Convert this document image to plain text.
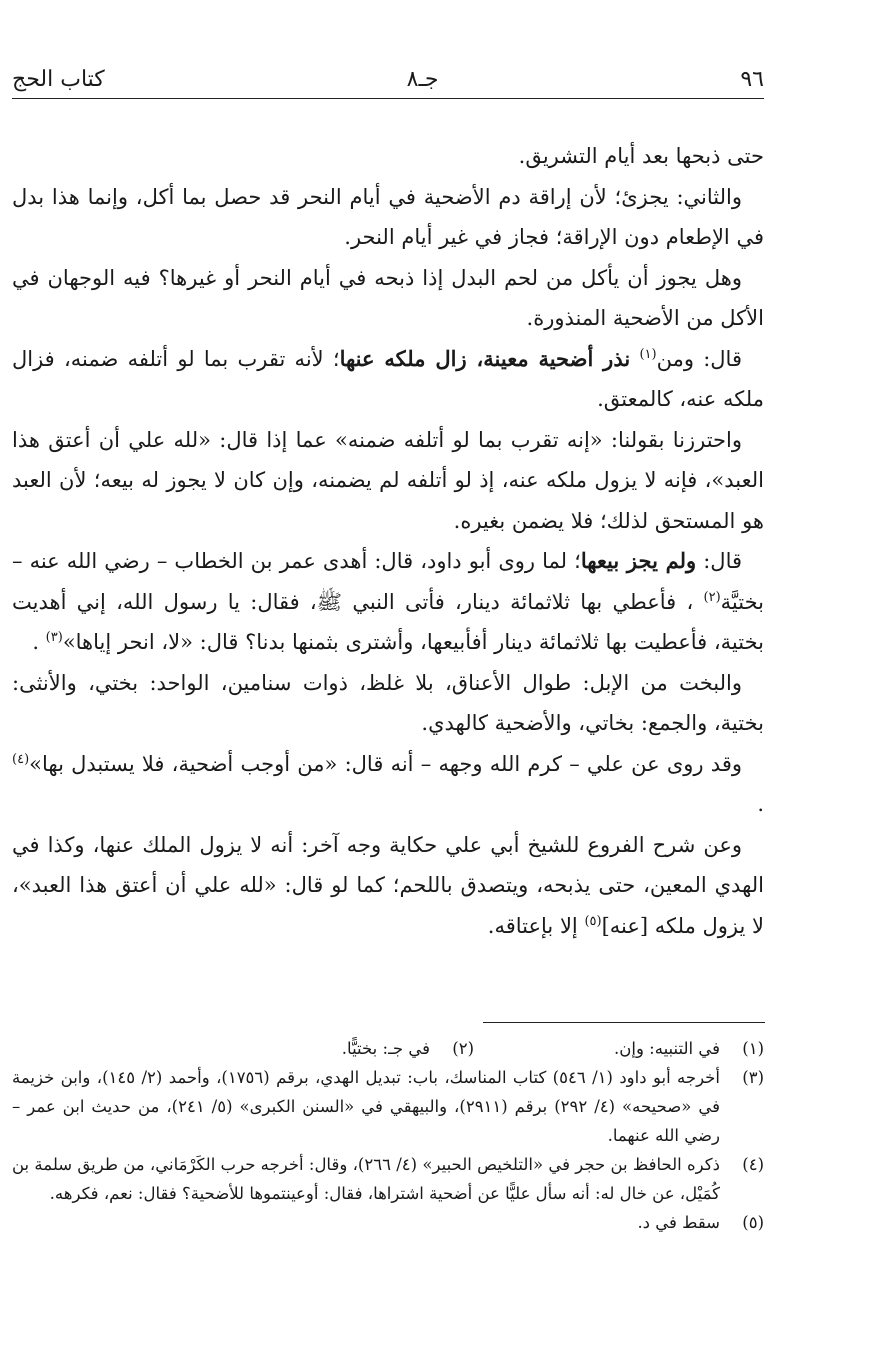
٩٦
جـ٨
كتاب الحج

حتى ذبحها بعد أيام التشريق.

والثاني: يجزئ؛ لأن إراقة دم الأضحية في أيام النحر قد حصل بما أكل، وإنما هذا بدل في الإطعام دون الإراقة؛ فجاز في غير أيام النحر.

وهل يجوز أن يأكل من لحم البدل إذا ذبحه في أيام النحر أو غيرها؟ فيه الوجهان في الأكل من الأضحية المنذورة.

قال: ومن$^{(١)}$ نذر أضحية معينة، زال ملكه عنها؛ لأنه تقرب بما لو أتلفه ضمنه، فزال ملكه عنه، كالمعتق.

واحترزنا بقولنا: «إنه تقرب بما لو أتلفه ضمنه» عما إذا قال: «لله علي أن أعتق هذا العبد»، فإنه لا يزول ملكه عنه، إذ لو أتلفه لم يضمنه، وإن كان لا يجوز له بيعه؛ لأن العبد هو المستحق لذلك؛ فلا يضمن بغيره.

قال: ولم يجز بيعها؛ لما روى أبو داود، قال: أهدى عمر بن الخطاب – رضي الله عنه – بختيَّة$^{(٢)}$ ، فأعطي بها ثلاثمائة دينار، فأتى النبي ﷺ، فقال: يا رسول الله، إني أهديت بختية، فأعطيت بها ثلاثمائة دينار أفأبيعها، وأشترى بثمنها بدنا؟ قال: «لا، انحر إياها»$^{(٣)}$ .

والبخت من الإبل: طوال الأعناق، بلا غلظ، ذوات سنامين، الواحد: بختي، والأنثى: بختية، والجمع: بخاتي، والأضحية كالهدي.

وقد روى عن علي – كرم الله وجهه – أنه قال: «من أوجب أضحية، فلا يستبدل بها»$^{(٤)}$ .

وعن شرح الفروع للشيخ أبي علي حكاية وجه آخر: أنه لا يزول الملك عنها، وكذا في الهدي المعين، حتى يذبحه، ويتصدق باللحم؛ كما لو قال: «لله علي أن أعتق هذا العبد»، لا يزول ملكه [عنه]$^{(٥)}$ إلا بإعتاقه.

(١)
في التنبيه: وإن.
(٢)
في جـ: بختيًّا.
(٣)
أخرجه أبو داود (١/ ٥٤٦) كتاب المناسك، باب: تبديل الهدي، برقم (١٧٥٦)، وأحمد (٢/ ١٤٥)، وابن خزيمة في «صحيحه» (٤/ ٢٩٢) برقم (٢٩١١)، والبيهقي في «السنن الكبرى» (٥/ ٢٤١)، من حديث ابن عمر –رضي الله عنهما.
(٤)
ذكره الحافظ بن حجر في «التلخيص الحبير» (٤/ ٢٦٦)، وقال: أخرجه حرب الكَرْمَاني، من طريق سلمة بن كُمَيْل، عن خال له: أنه سأل عليًّا عن أضحية اشتراها، فقال: أوعينتموها للأضحية؟ فقال: نعم، فكرهه.
(٥)
سقط في د.
